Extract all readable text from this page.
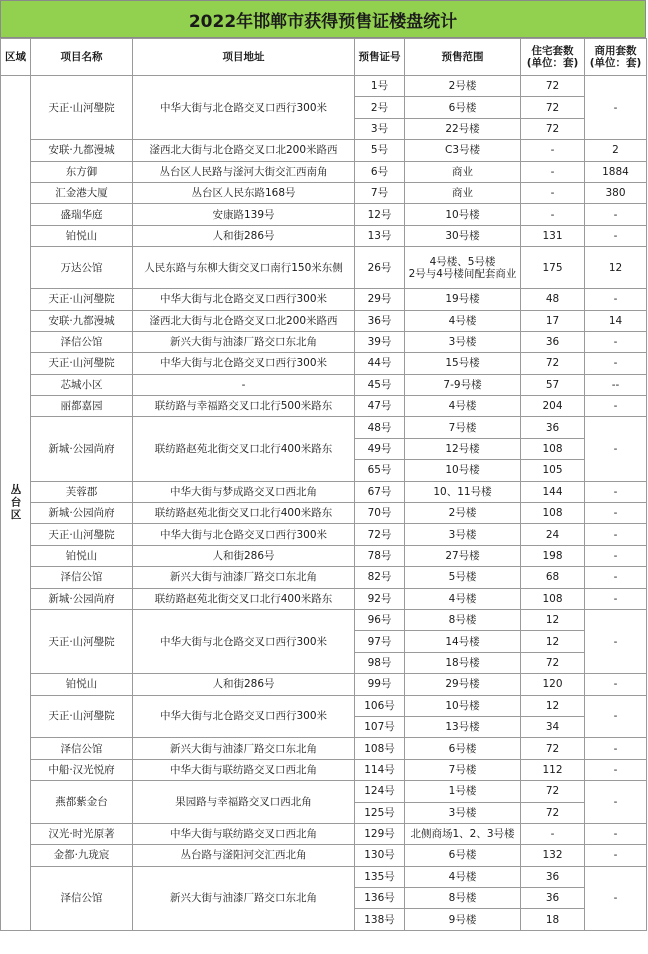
2022年邯郸市获得预售证楼盘统计
区域	项目名称	项目地址	预售证号	预售范围	住宅套数
(单位：套)	商用套数
(单位：套)
丛台区	天正·山河璺院	中华大街与北仓路交叉口西行300米	1号	2号楼	72	-
			2号	6号楼	72	
			3号	22号楼	72	
	安联·九都漫城	滏西北大街与北仓路交叉口北200米路西	5号	C3号楼	-	2
	东方御	丛台区人民路与滏河大街交汇西南角	6号	商业	-	1884
	汇金港大厦	丛台区人民东路168号	7号	商业	-	380
	盛瑞华庭	安康路139号	12号	10号楼	-	-
	铂悦山	人和街286号	13号	30号楼	131	-
	万达公馆	人民东路与东柳大街交叉口南行150米东侧	26号	4号楼、5号楼
2号与4号楼间配套商业	175	12
	天正·山河璺院	中华大街与北仓路交叉口西行300米	29号	19号楼	48	-
	安联·九都漫城	滏西北大街与北仓路交叉口北200米路西	36号	4号楼	17	14
	泽信公馆	新兴大街与油漆厂路交口东北角	39号	3号楼	36	-
	天正·山河璺院	中华大街与北仓路交叉口西行300米	44号	15号楼	72	-
	芯城小区	-	45号	7-9号楼	57	--
	丽都嘉园	联纺路与幸福路交叉口北行500米路东	47号	4号楼	204	-
	新城·公园尚府	联纺路赵苑北街交叉口北行400米路东	48号	7号楼	36	-
			49号	12号楼	108	
			65号	10号楼	105	
	芙蓉郡	中华大街与梦成路交叉口西北角	67号	10、11号楼	144	-
	新城·公园尚府	联纺路赵苑北街交叉口北行400米路东	70号	2号楼	108	-
	天正·山河璺院	中华大街与北仓路交叉口西行300米	72号	3号楼	24	-
	铂悦山	人和街286号	78号	27号楼	198	-
	泽信公馆	新兴大街与油漆厂路交口东北角	82号	5号楼	68	-
	新城·公园尚府	联纺路赵苑北街交叉口北行400米路东	92号	4号楼	108	-
	天正·山河璺院	中华大街与北仓路交叉口西行300米	96号	8号楼	12	-
			97号	14号楼	12	
			98号	18号楼	72	
	铂悦山	人和街286号	99号	29号楼	120	-
	天正·山河璺院	中华大街与北仓路交叉口西行300米	106号	10号楼	12	-
			107号	13号楼	34	
	泽信公馆	新兴大街与油漆厂路交口东北角	108号	6号楼	72	-
	中船·汉光悦府	中华大街与联纺路交叉口西北角	114号	7号楼	112	-
	燕都紫金台	果园路与幸福路交叉口西北角	124号	1号楼	72	-
			125号	3号楼	72	
	汉光·时光原著	中华大街与联纺路交叉口西北角	129号	北侧商场1、2、3号楼	-	-
	金都·九珑宸	丛台路与滏阳河交汇西北角	130号	6号楼	132	-
	泽信公馆	新兴大街与油漆厂路交口东北角	135号	4号楼	36	-
			136号	8号楼	36	
			138号	9号楼	18	
